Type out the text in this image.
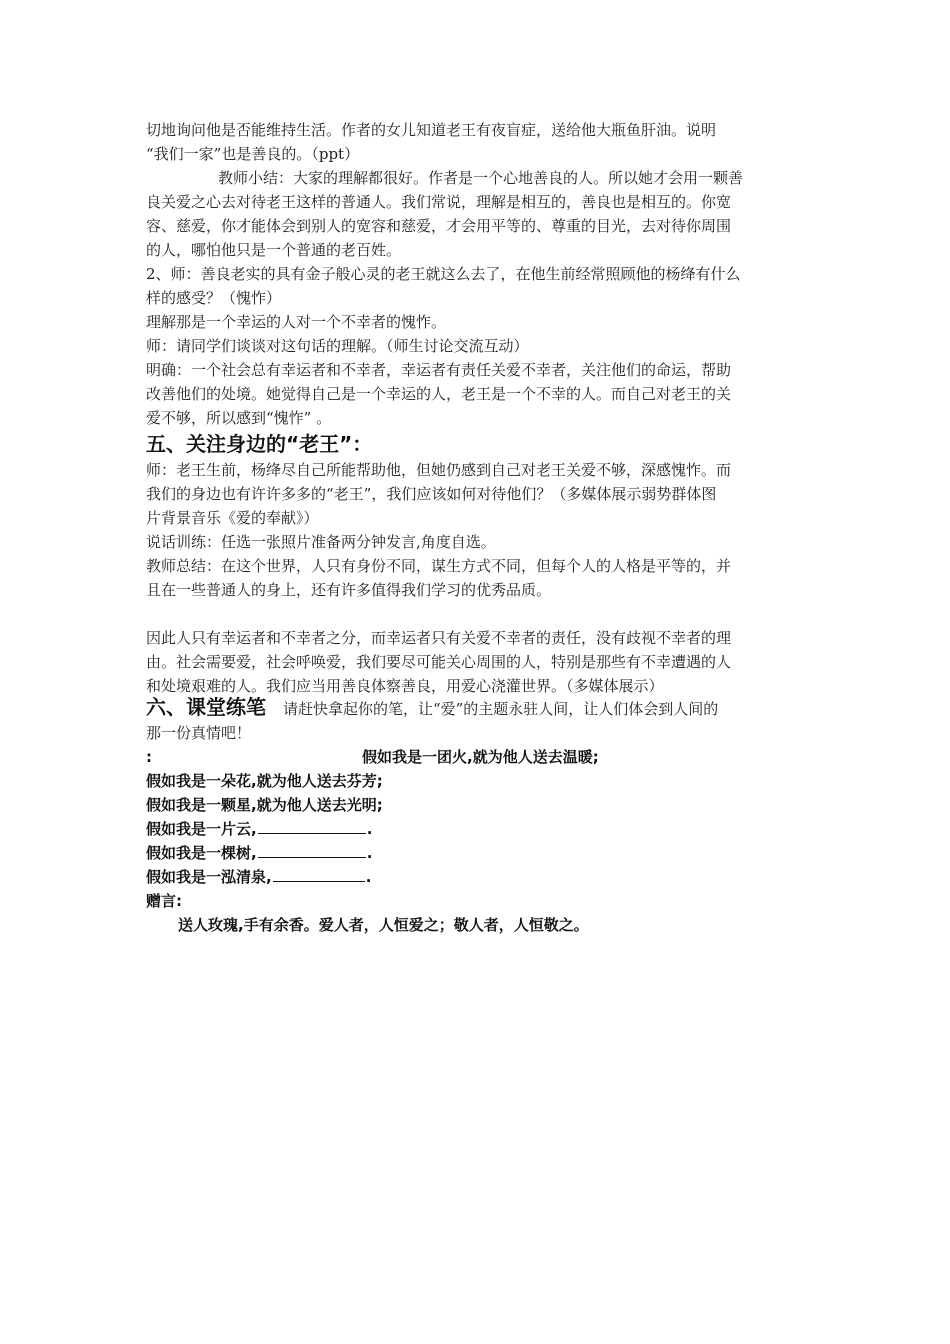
切地询问他是否能维持生活。作者的女儿知道老王有夜盲症，送给他大瓶鱼肝油。说明
“我们一家”也是善良的。（ppt）
教师小结：大家的理解都很好。作者是一个心地善良的人。所以她才会用一颗善
良关爱之心去对待老王这样的普通人。我们常说，理解是相互的，善良也是相互的。你宽
容、慈爱，你才能体会到别人的宽容和慈爱，才会用平等的、尊重的目光，去对待你周围
的人，哪怕他只是一个普通的老百姓。
2、师：善良老实的具有金子般心灵的老王就这么去了，在他生前经常照顾他的杨绛有什么
样的感受？（愧怍）
理解那是一个幸运的人对一个不幸者的愧怍。
师：请同学们谈谈对这句话的理解。（师生讨论交流互动）
明确：一个社会总有幸运者和不幸者，幸运者有责任关爱不幸者，关注他们的命运，帮助
改善他们的处境。她觉得自己是一个幸运的人，老王是一个不幸的人。而自己对老王的关
爱不够，所以感到“愧怍” 。
五、关注身边的“老王”：
师：老王生前，杨绛尽自己所能帮助他，但她仍感到自己对老王关爱不够，深感愧怍。而
我们的身边也有许许多多的“老王”，我们应该如何对待他们？（多媒体展示弱势群体图
片背景音乐《爱的奉献》）
说话训练：任选一张照片准备两分钟发言,角度自选。
教师总结：在这个世界，人只有身份不同，谋生方式不同，但每个人的人格是平等的，并
且在一些普通人的身上，还有许多值得我们学习的优秀品质。
因此人只有幸运者和不幸者之分，而幸运者只有关爱不幸者的责任，没有歧视不幸者的理
由。社会需要爱，社会呼唤爱，我们要尽可能关心周围的人，特别是那些有不幸遭遇的人
和处境艰难的人。我们应当用善良体察善良，用爱心浇灌世界。（多媒体展示）
六、课堂练笔 请赶快拿起你的笔，让“爱”的主题永驻人间，让人们体会到人间的
那一份真情吧！
:	假如我是一团火,就为他人送去温暖;
假如我是一朵花,就为他人送去芬芳;
假如我是一颗星,就为他人送去光明;
假如我是一片云,	.
假如我是一棵树,	.
假如我是一泓清泉,	.
赠言:
送人玫瑰,手有余香。爱人者，人恒爱之；敬人者，人恒敬之。
